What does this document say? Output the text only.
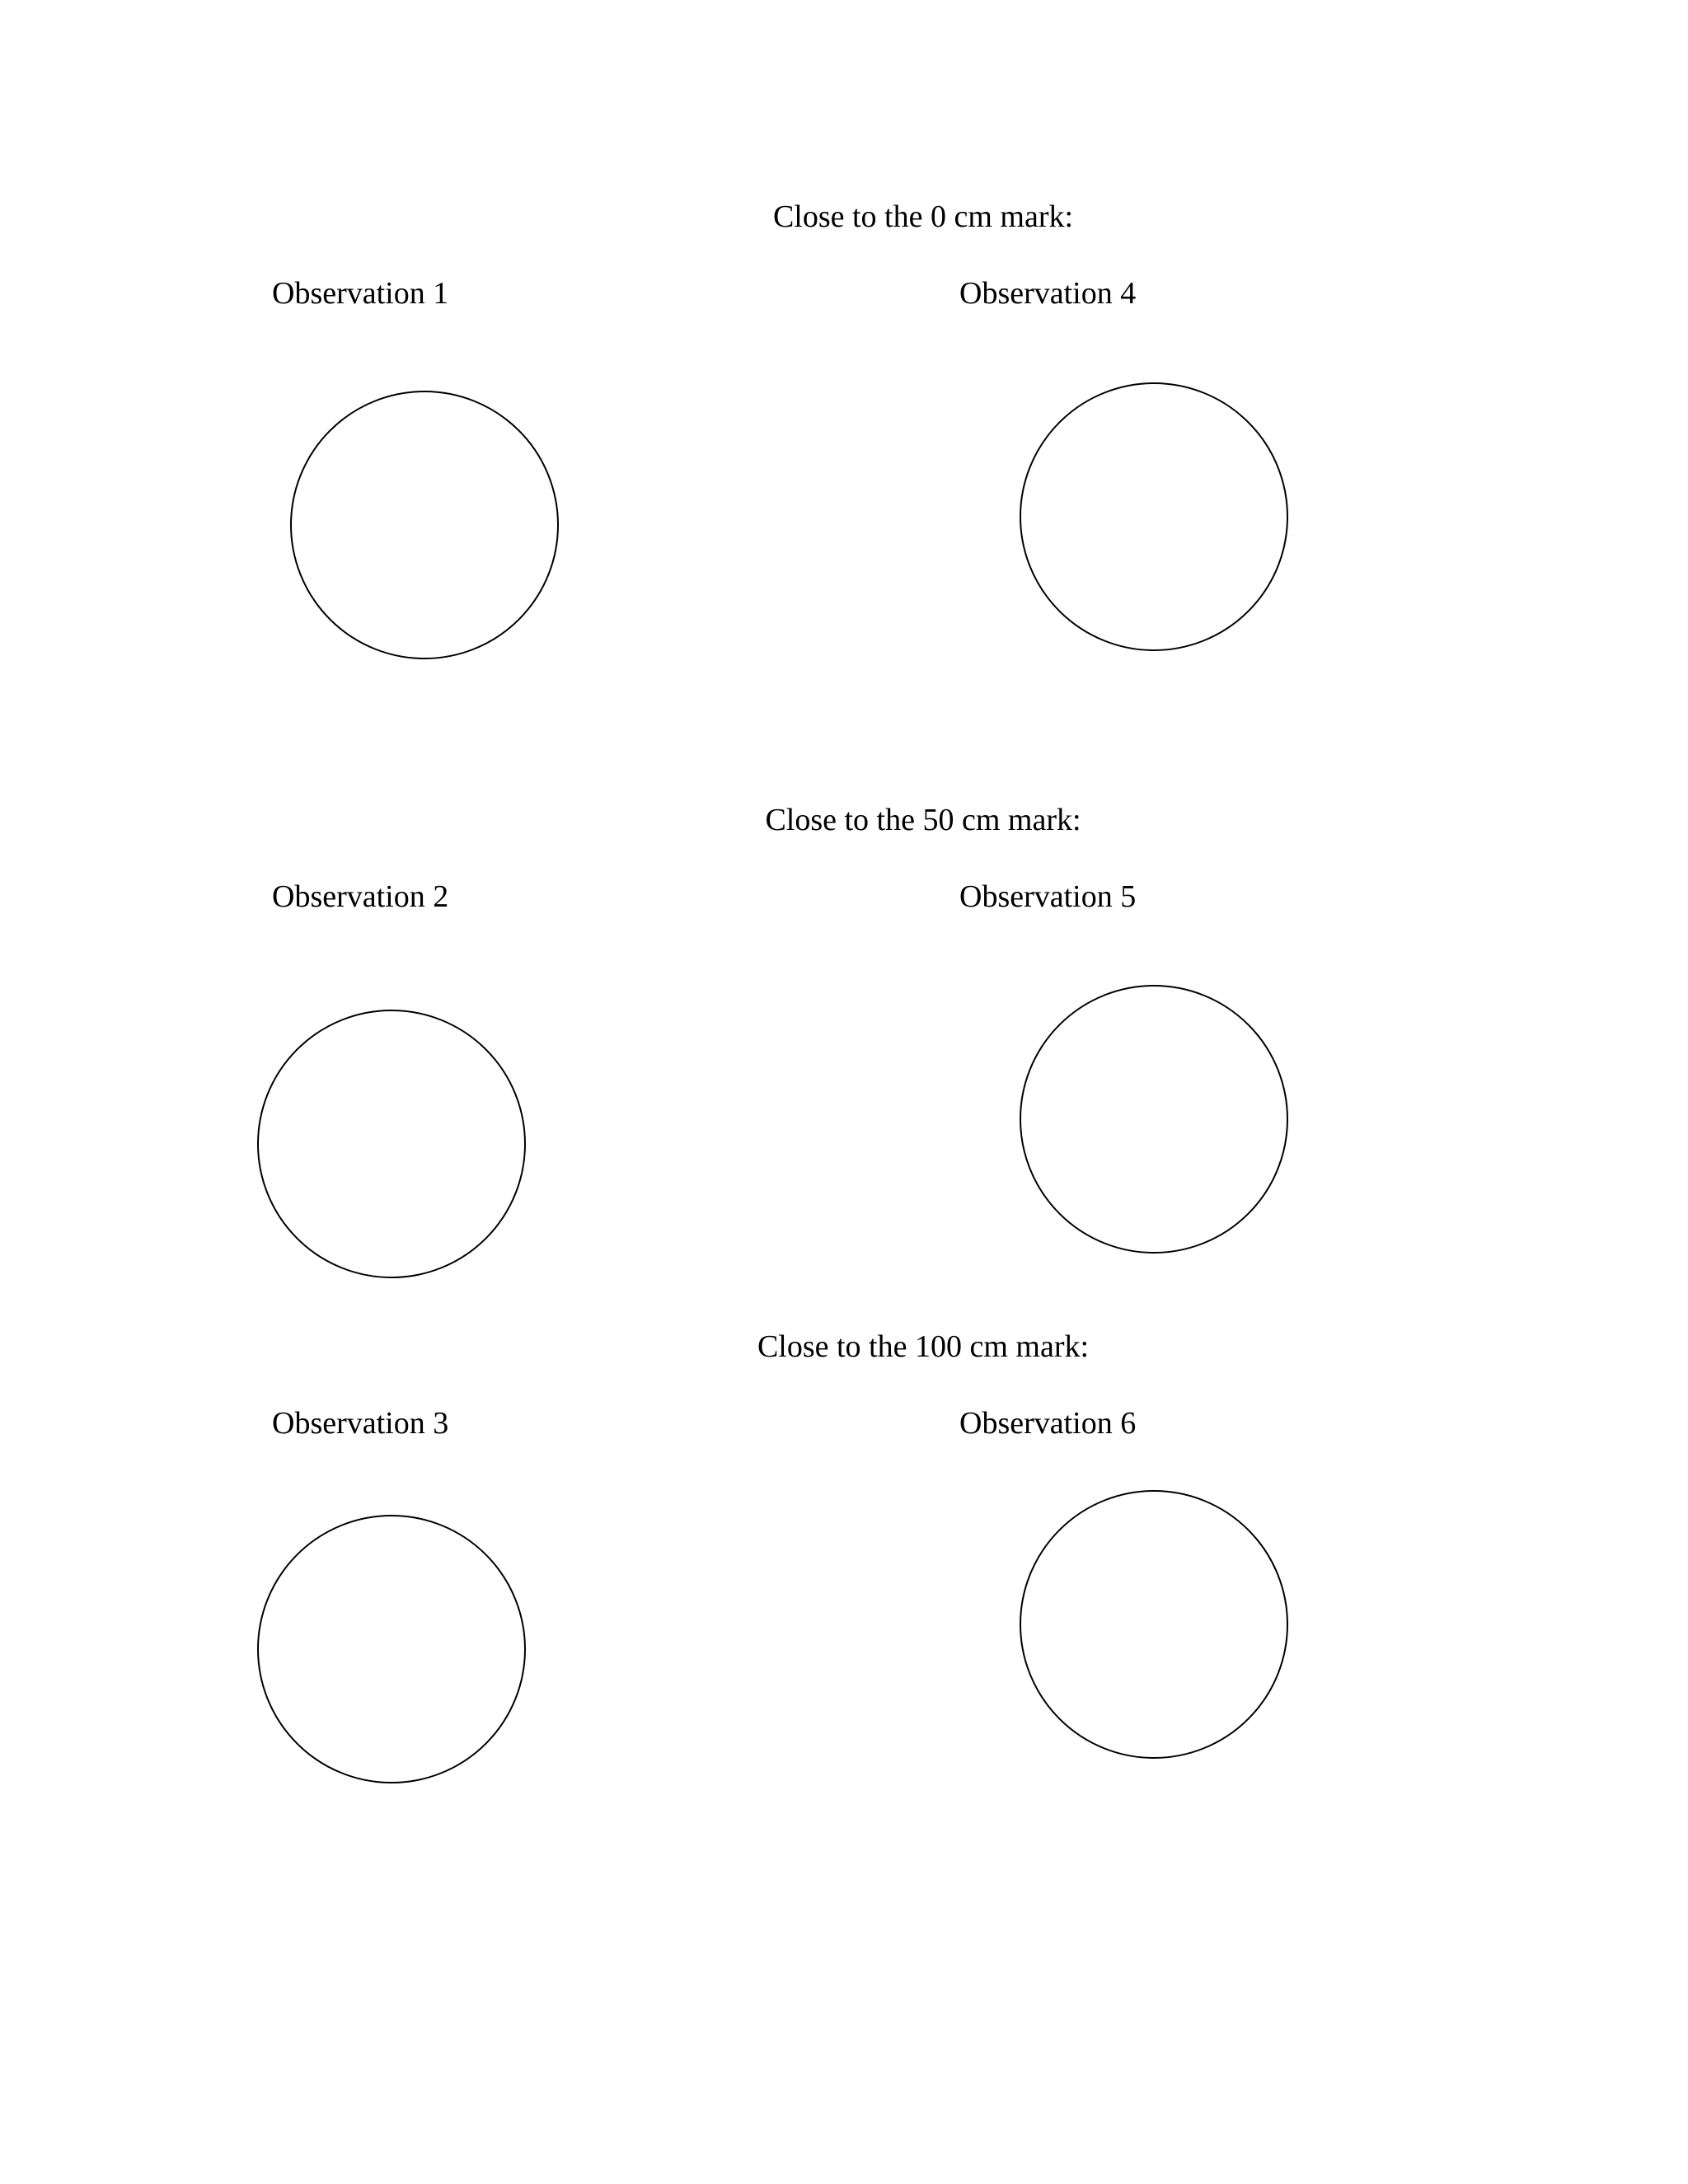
Close to the 0 cm mark:
Observation 1	Observation 4
Close to the 50 cm mark:
Observation 2	Observation 5
Close to the 100 cm mark:
Observation 3	Observation 6
